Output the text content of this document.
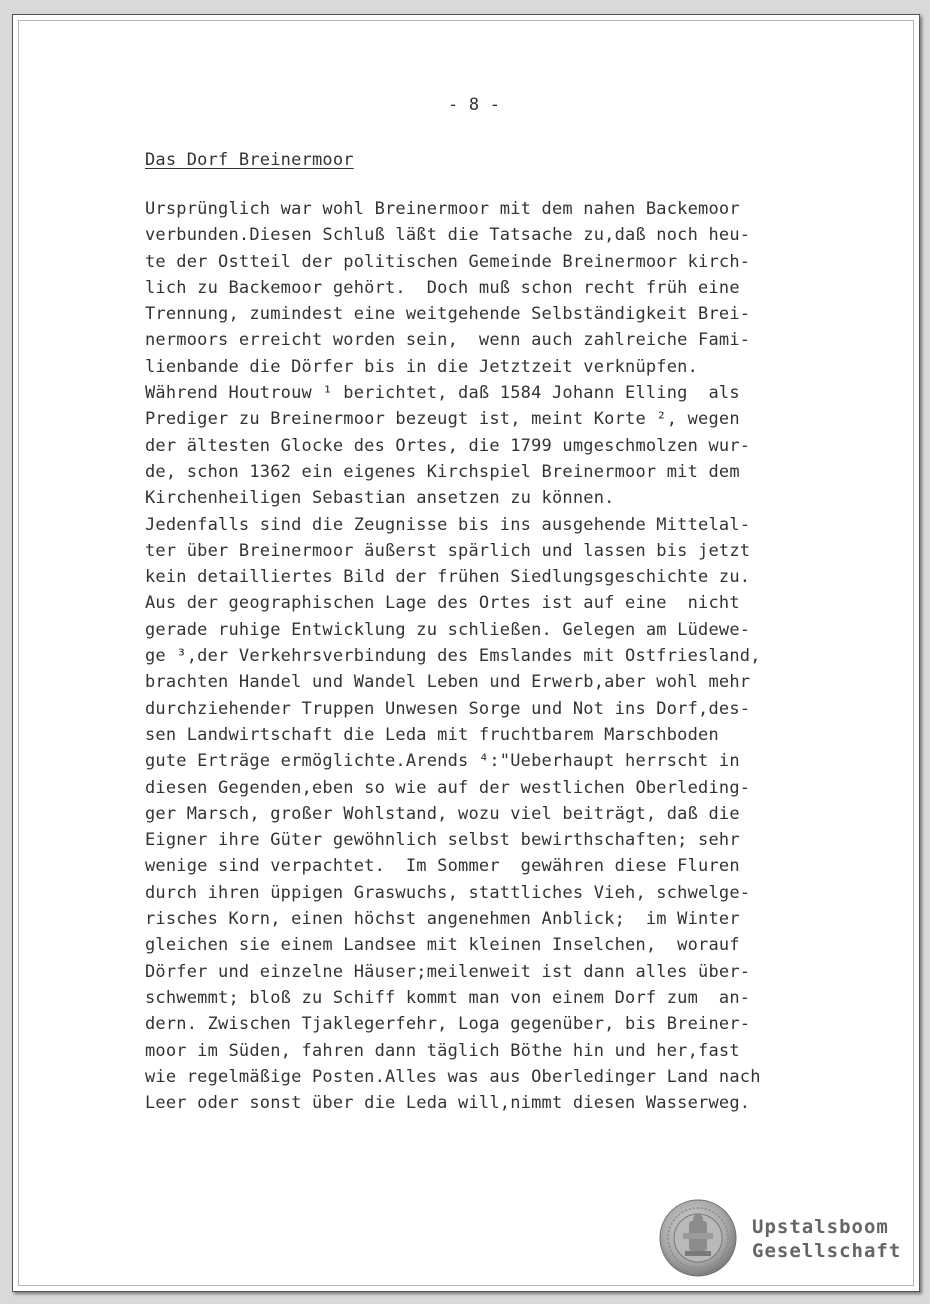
- 8 -
Das Dorf Breinermoor
Ursprünglich war wohl Breinermoor mit dem nahen Backemoor
verbunden.Diesen Schluß läßt die Tatsache zu,daß noch heu-
te der Ostteil der politischen Gemeinde Breinermoor kirch-
lich zu Backemoor gehört.  Doch muß schon recht früh eine
Trennung, zumindest eine weitgehende Selbständigkeit Brei-
nermoors erreicht worden sein,  wenn auch zahlreiche Fami-
lienbande die Dörfer bis in die Jetztzeit verknüpfen.
Während Houtrouw ¹ berichtet, daß 1584 Johann Elling  als
Prediger zu Breinermoor bezeugt ist, meint Korte ², wegen
der ältesten Glocke des Ortes, die 1799 umgeschmolzen wur-
de, schon 1362 ein eigenes Kirchspiel Breinermoor mit dem
Kirchenheiligen Sebastian ansetzen zu können.
Jedenfalls sind die Zeugnisse bis ins ausgehende Mittelal-
ter über Breinermoor äußerst spärlich und lassen bis jetzt
kein detailliertes Bild der frühen Siedlungsgeschichte zu.
Aus der geographischen Lage des Ortes ist auf eine  nicht
gerade ruhige Entwicklung zu schließen. Gelegen am Lüdewe-
ge ³,der Verkehrsverbindung des Emslandes mit Ostfriesland,
brachten Handel und Wandel Leben und Erwerb,aber wohl mehr
durchziehender Truppen Unwesen Sorge und Not ins Dorf,des-
sen Landwirtschaft die Leda mit fruchtbarem Marschboden
gute Erträge ermöglichte.Arends ⁴:"Ueberhaupt herrscht in
diesen Gegenden,eben so wie auf der westlichen Oberleding-
ger Marsch, großer Wohlstand, wozu viel beiträgt, daß die
Eigner ihre Güter gewöhnlich selbst bewirthschaften; sehr
wenige sind verpachtet.  Im Sommer  gewähren diese Fluren
durch ihren üppigen Graswuchs, stattliches Vieh, schwelge-
risches Korn, einen höchst angenehmen Anblick;  im Winter
gleichen sie einem Landsee mit kleinen Inselchen,  worauf
Dörfer und einzelne Häuser;meilenweit ist dann alles über-
schwemmt; bloß zu Schiff kommt man von einem Dorf zum  an-
dern. Zwischen Tjaklegerfehr, Loga gegenüber, bis Breiner-
moor im Süden, fahren dann täglich Böthe hin und her,fast
wie regelmäßige Posten.Alles was aus Oberledinger Land nach
Leer oder sonst über die Leda will,nimmt diesen Wasserweg.
Upstalsboom
Gesellschaft
